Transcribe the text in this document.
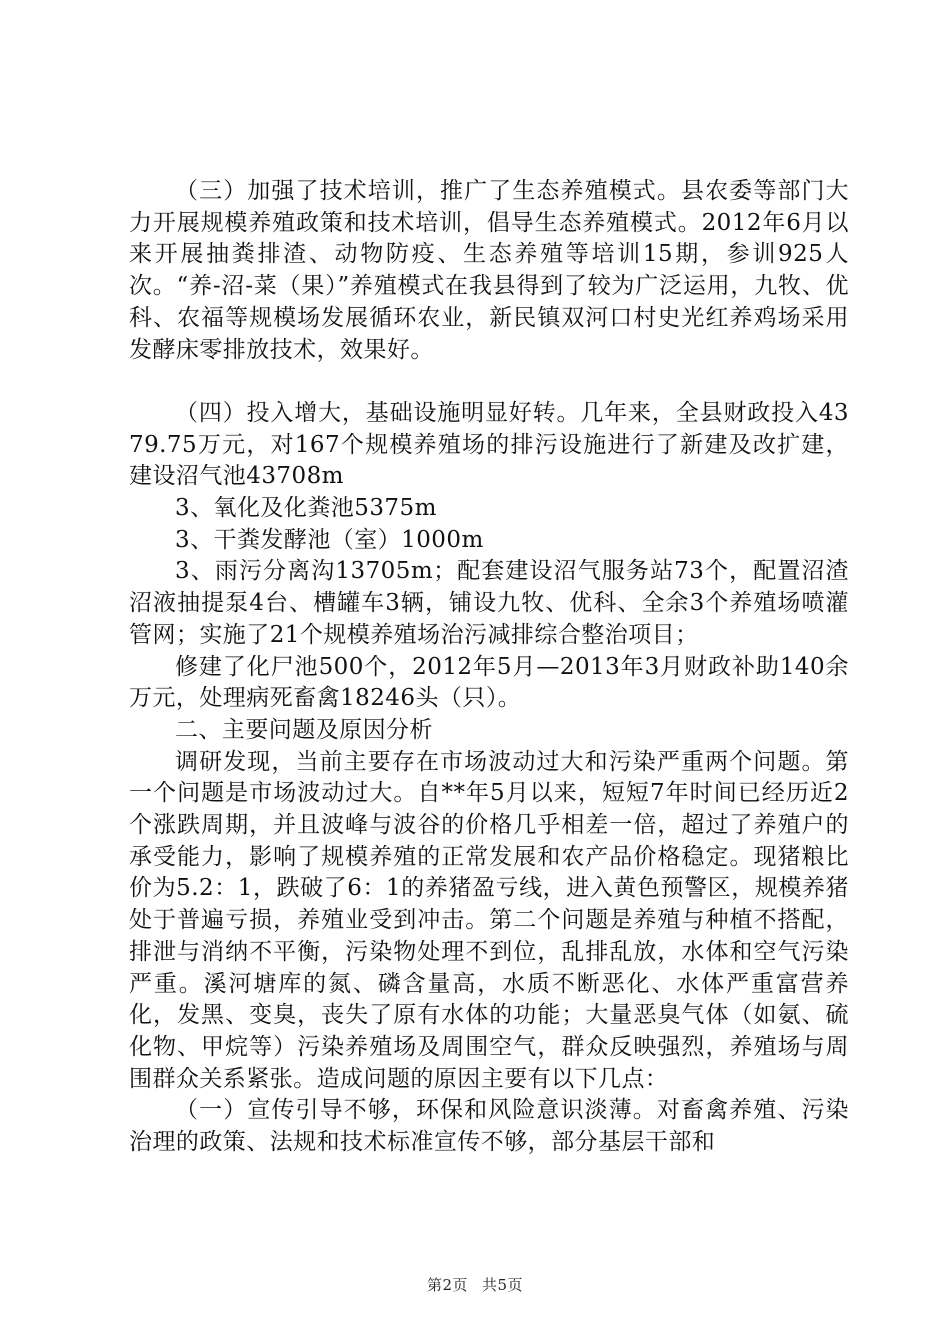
（三）加强了技术培训，推广了生态养殖模式。县农委等部门大力开展规模养殖政策和技术培训，倡导生态养殖模式。2012年6月以来开展抽粪排渣、动物防疫、生态养殖等培训15期，参训925人次。“养-沼-菜（果）”养殖模式在我县得到了较为广泛运用，九牧、优科、农福等规模场发展循环农业，新民镇双河口村史光红养鸡场采用发酵床零排放技术，效果好。

（四）投入增大，基础设施明显好转。几年来，全县财政投入4379.75万元，对167个规模养殖场的排污设施进行了新建及改扩建，建设沼气池43708m

3、氧化及化粪池5375m

3、干粪发酵池（室）1000m

3、雨污分离沟13705m；配套建设沼气服务站73个，配置沼渣沼液抽提泵4台、槽罐车3辆，铺设九牧、优科、全余3个养殖场喷灌管网；实施了21个规模养殖场治污减排综合整治项目；

修建了化尸池500个，2012年5月—2013年3月财政补助140余万元，处理病死畜禽18246头（只）。

二、主要问题及原因分析

调研发现，当前主要存在市场波动过大和污染严重两个问题。第一个问题是市场波动过大。自**年5月以来，短短7年时间已经历近2个涨跌周期，并且波峰与波谷的价格几乎相差一倍，超过了养殖户的承受能力，影响了规模养殖的正常发展和农产品价格稳定。现猪粮比价为5.2：1，跌破了6：1的养猪盈亏线，进入黄色预警区，规模养猪处于普遍亏损，养殖业受到冲击。第二个问题是养殖与种植不搭配，排泄与消纳不平衡，污染物处理不到位，乱排乱放，水体和空气污染严重。溪河塘库的氮、磷含量高，水质不断恶化、水体严重富营养化，发黑、变臭，丧失了原有水体的功能；大量恶臭气体（如氨、硫化物、甲烷等）污染养殖场及周围空气，群众反映强烈，养殖场与周围群众关系紧张。造成问题的原因主要有以下几点：

（一）宣传引导不够，环保和风险意识淡薄。对畜禽养殖、污染治理的政策、法规和技术标准宣传不够，部分基层干部和

第2页 共5页
